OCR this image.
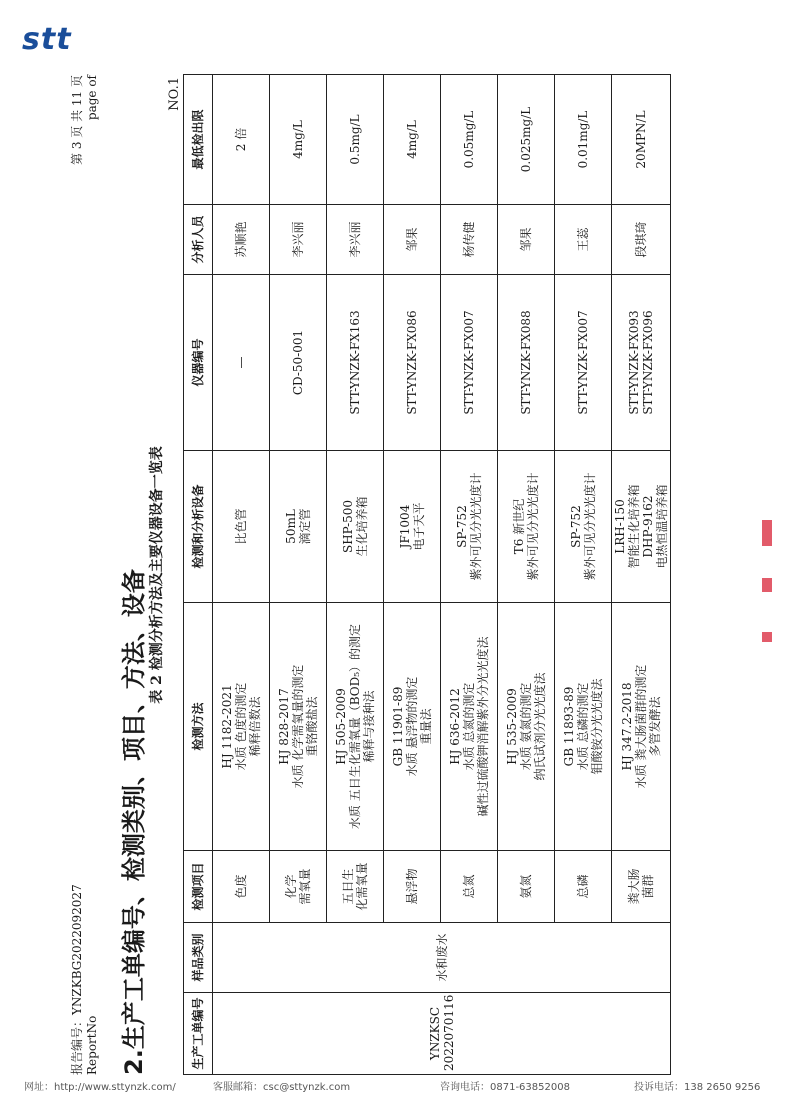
stt
报告编号：YNZKBG2022092027 ReportNo
第 3 页 共 11 页 page of
2.生产工单编号、检测类别、项目、方法、设备 表 2 检测分析方法及主要仪器设备一览表
NO.1
生产工单编号	样品类别	检测项目	检测方法	检测和分析设备	仪器编号	分析人员	最低检出限
YNZKSC
2022070116	水和废水	色度	HJ 1182-2021
水质 色度的测定
稀释倍数法	比色管	—	苏顺艳	2 倍
		化学
需氧量	HJ 828-2017
水质 化学需氧量的测定
重铬酸盐法	50mL
滴定管	CD-50-001	李兴丽	4mg/L
		五日生
化需氧量	HJ 505-2009
水质 五日生化需氧量（BOD₅）的测定
稀释与接种法	SHP-500
生化培养箱	STT-YNZK-FX163	李兴丽	0.5mg/L
		悬浮物	GB 11901-89
水质 悬浮物的测定
重量法	JF1004
电子天平	STT-YNZK-FX086	邹果	4mg/L
		总氮	HJ 636-2012
水质 总氮的测定
碱性过硫酸钾消解紫外分光光度法	SP-752
紫外可见分光光度计	STT-YNZK-FX007	杨传健	0.05mg/L
		氨氮	HJ 535-2009
水质 氨氮的测定
纳氏试剂分光光度法	T6 新世纪
紫外可见分光光度计	STT-YNZK-FX088	邹果	0.025mg/L
		总磷	GB 11893-89
水质 总磷的测定
钼酸铵分光光度法	SP-752
紫外可见分光光度计	STT-YNZK-FX007	王蕊	0.01mg/L
		粪大肠
菌群	HJ 347.2-2018
水质 粪大肠菌群的测定
多管发酵法	LRH-150
智能生化培养箱
DHP-9162
电热恒温培养箱	STT-YNZK-FX093
STT-YNZK-FX096	段琪琦	20MPN/L
网址：http://www.sttynzk.com/	客服邮箱：csc@sttynzk.com	咨询电话：0871-63852008	投诉电话：138 2650 9256
